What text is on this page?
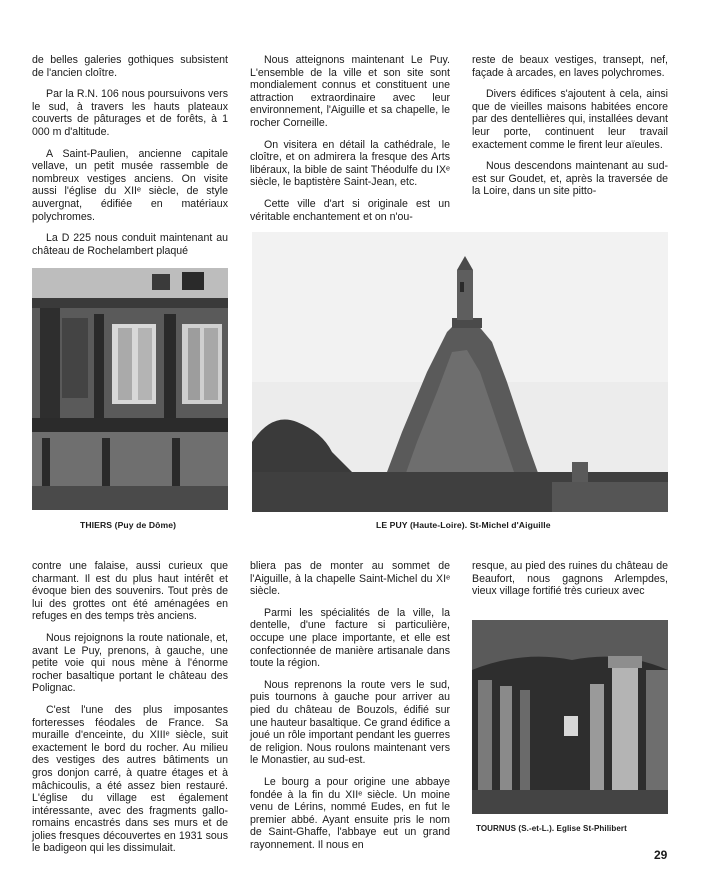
de belles galeries gothiques subsistent de l'ancien cloître.

Par la R.N. 106 nous poursuivons vers le sud, à travers les hauts plateaux couverts de pâturages et de forêts, à 1 000 m d'altitude.

A Saint-Paulien, ancienne capitale vellave, un petit musée rassemble de nombreux vestiges anciens. On visite aussi l'église du XIIᵉ siècle, de style auvergnat, édifiée en matériaux polychromes.

La D 225 nous conduit maintenant au château de Rochelambert plaqué

Nous atteignons maintenant Le Puy. L'ensemble de la ville et son site sont mondialement connus et constituent une attraction extraordinaire avec leur environnement, l'Aiguille et sa chapelle, le rocher Corneille.

On visitera en détail la cathédrale, le cloître, et on admirera la fresque des Arts libéraux, la bible de saint Théodulfe du IXᵉ siècle, le baptistère Saint-Jean, etc.

Cette ville d'art si originale est un véritable enchantement et on n'ou-

reste de beaux vestiges, transept, nef, façade à arcades, en laves polychromes.

Divers édifices s'ajoutent à cela, ainsi que de vieilles maisons habitées encore par des dentellières qui, installées devant leur porte, continuent leur travail exactement comme le firent leur aïeules.

Nous descendons maintenant au sud-est sur Goudet, et, après la traversée de la Loire, dans un site pitto-

THIERS (Puy de Dôme)	LE PUY (Haute-Loire). St-Michel d'Aiguille

contre une falaise, aussi curieux que charmant. Il est du plus haut intérêt et évoque bien des souvenirs. Tout près de lui des grottes ont été aménagées en refuges en des temps très anciens.

Nous rejoignons la route nationale, et, avant Le Puy, prenons, à gauche, une petite voie qui nous mène à l'énorme rocher basaltique portant le château des Polignac.

C'est l'une des plus imposantes forteresses féodales de France. Sa muraille d'enceinte, du XIIIᵉ siècle, suit exactement le bord du rocher. Au milieu des vestiges des autres bâtiments un gros donjon carré, à quatre étages et à mâchicoulis, a été assez bien restauré. L'église du village est également intéressante, avec des fragments gallo-romains encastrés dans ses murs et de jolies fresques découvertes en 1931 sous le badigeon qui les dissimulait.

bliera pas de monter au sommet de l'Aiguille, à la chapelle Saint-Michel du XIᵉ siècle.

Parmi les spécialités de la ville, la dentelle, d'une facture si particulière, occupe une place importante, et elle est confectionnée de manière artisanale dans toute la région.

Nous reprenons la route vers le sud, puis tournons à gauche pour arriver au pied du château de Bouzols, édifié sur une hauteur basaltique. Ce grand édifice a joué un rôle important pendant les guerres de religion. Nous roulons maintenant vers le Monastier, au sud-est.

Le bourg a pour origine une abbaye fondée à la fin du XIIᵉ siècle. Un moine venu de Lérins, nommé Eudes, en fut le premier abbé. Ayant ensuite pris le nom de Saint-Ghaffe, l'abbaye eut un grand rayonnement. Il nous en

resque, au pied des ruines du château de Beaufort, nous gagnons Arlempdes, vieux village fortifié très curieux avec

TOURNUS (S.-et-L.). Eglise St-Philibert
29
